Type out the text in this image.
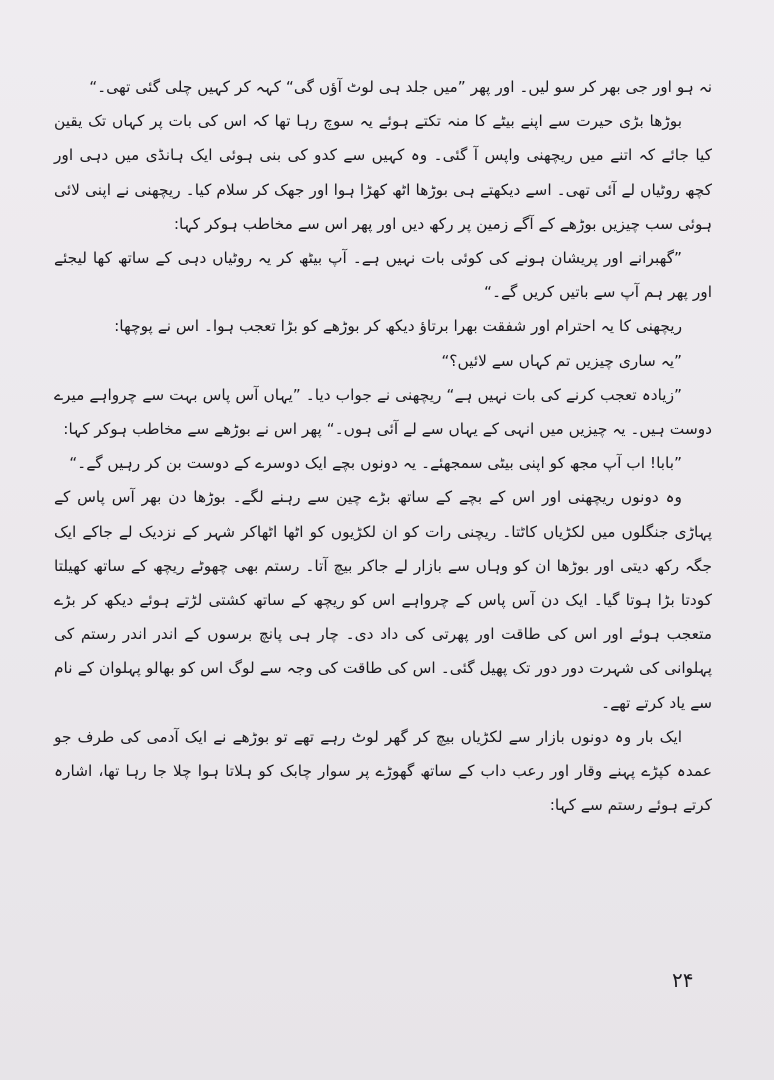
نہ ہو اور جی بھر کر سو لیں۔ اور پھر ”میں جلد ہی لوٹ آؤں گی“ کہہ کر کہیں چلی گئی تھی۔“

بوڑھا بڑی حیرت سے اپنے بیٹے کا منہ تکتے ہوئے یہ سوچ رہا تھا کہ اس کی بات پر کہاں تک یقین کیا جائے کہ اتنے میں ریچھنی واپس آ گئی۔ وہ کہیں سے کدو کی بنی ہوئی ایک ہانڈی میں دہی اور کچھ روٹیاں لے آئی تھی۔ اسے دیکھتے ہی بوڑھا اٹھ کھڑا ہوا اور جھک کر سلام کیا۔ ریچھنی نے اپنی لائی ہوئی سب چیزیں بوڑھے کے آگے زمین پر رکھ دیں اور پھر اس سے مخاطب ہوکر کہا:

”گھبرانے اور پریشان ہونے کی کوئی بات نہیں ہے۔ آپ بیٹھ کر یہ روٹیاں دہی کے ساتھ کھا لیجئے اور پھر ہم آپ سے باتیں کریں گے۔“

ریچھنی کا یہ احترام اور شفقت بھرا برتاؤ دیکھ کر بوڑھے کو بڑا تعجب ہوا۔ اس نے پوچھا:

”یہ ساری چیزیں تم کہاں سے لائیں؟“

”زیادہ تعجب کرنے کی بات نہیں ہے“ ریچھنی نے جواب دیا۔ ”یہاں آس پاس بہت سے چرواہے میرے دوست ہیں۔ یہ چیزیں میں انہی کے یہاں سے لے آئی ہوں۔“ پھر اس نے بوڑھے سے مخاطب ہوکر کہا:

”بابا! اب آپ مجھ کو اپنی بیٹی سمجھئے۔ یہ دونوں بچے ایک دوسرے کے دوست بن کر رہیں گے۔“

وہ دونوں ریچھنی اور اس کے بچے کے ساتھ بڑے چین سے رہنے لگے۔ بوڑھا دن بھر آس پاس کے پہاڑی جنگلوں میں لکڑیاں کاٹتا۔ ریچنی رات کو ان لکڑیوں کو اٹھا اٹھاکر شہر کے نزدیک لے جاکے ایک جگہ رکھ دیتی اور بوڑھا ان کو وہاں سے بازار لے جاکر بیچ آتا۔ رستم بھی چھوٹے ریچھ کے ساتھ کھیلتا کودتا بڑا ہوتا گیا۔ ایک دن آس پاس کے چرواہے اس کو ریچھ کے ساتھ کشتی لڑتے ہوئے دیکھ کر بڑے متعجب ہوئے اور اس کی طاقت اور پھرتی کی داد دی۔ چار ہی پانچ برسوں کے اندر اندر رستم کی پہلوانی کی شہرت دور دور تک پھیل گئی۔ اس کی طاقت کی وجہ سے لوگ اس کو بھالو پہلوان کے نام سے یاد کرتے تھے۔

ایک بار وہ دونوں بازار سے لکڑیاں بیچ کر گھر لوٹ رہے تھے تو بوڑھے نے ایک آدمی کی طرف جو عمدہ کپڑے پہنے وقار اور رعب داب کے ساتھ گھوڑے پر سوار چابک کو ہلاتا ہوا چلا جا رہا تھا، اشارہ کرتے ہوئے رستم سے کہا:

۲۴
